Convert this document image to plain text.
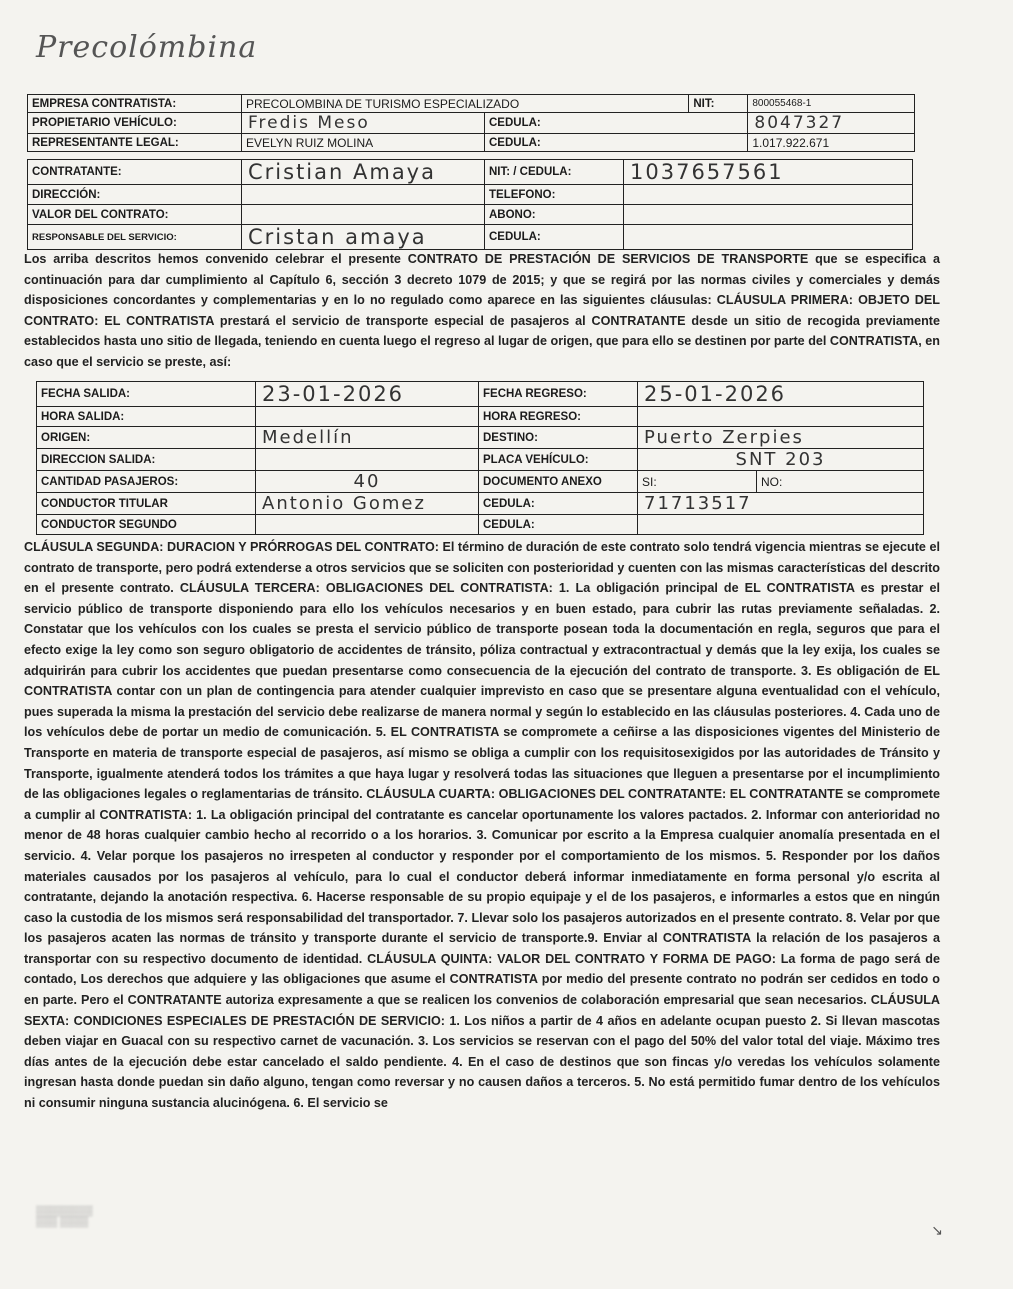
Precolómbina
EMPRESA CONTRATISTA:	PRECOLOMBINA DE TURISMO ESPECIALIZADO		NIT:	800055468-1
PROPIETARIO VEHÍCULO:	Fredis Meso	CEDULA:		8047327
REPRESENTANTE LEGAL:	EVELYN RUIZ MOLINA	CEDULA:		1.017.922.671
CONTRATANTE:	Cristian Amaya	NIT: / CEDULA:	1037657561
DIRECCIÓN:		TELEFONO:	
VALOR DEL CONTRATO:		ABONO:	
RESPONSABLE DEL SERVICIO:	Cristan amaya	CEDULA:	
Los arriba descritos hemos convenido celebrar el presente CONTRATO DE PRESTACIÓN DE SERVICIOS DE TRANSPORTE que se especifica a continuación para dar cumplimiento al Capítulo 6, sección 3 decreto 1079 de 2015; y que se regirá por las normas civiles y comerciales y demás disposiciones concordantes y complementarias y en lo no regulado como aparece en las siguientes cláusulas: CLÁUSULA PRIMERA: OBJETO DEL CONTRATO: EL CONTRATISTA prestará el servicio de transporte especial de pasajeros al CONTRATANTE desde un sitio de recogida previamente establecidos hasta uno sitio de llegada, teniendo en cuenta luego el regreso al lugar de origen, que para ello se destinen por parte del CONTRATISTA, en caso que el servicio se preste, así:
FECHA SALIDA:	23-01-2026	FECHA REGRESO:	25-01-2026	
HORA SALIDA:		HORA REGRESO:		
ORIGEN:	Medellín	DESTINO:	Puerto Zerpies	
DIRECCION SALIDA:		PLACA VEHÍCULO:	SNT 203	
CANTIDAD PASAJEROS:	40	DOCUMENTO ANEXO	SI:	NO:
CONDUCTOR TITULAR	Antonio Gomez	CEDULA:	71713517	
CONDUCTOR SEGUNDO		CEDULA:		
CLÁUSULA SEGUNDA: DURACION Y PRÓRROGAS DEL CONTRATO: El término de duración de este contrato solo tendrá vigencia mientras se ejecute el contrato de transporte, pero podrá extenderse a otros servicios que se soliciten con posterioridad y cuenten con las mismas características del descrito en el presente contrato. CLÁUSULA TERCERA: OBLIGACIONES DEL CONTRATISTA: 1. La obligación principal de EL CONTRATISTA es prestar el servicio público de transporte disponiendo para ello los vehículos necesarios y en buen estado, para cubrir las rutas previamente señaladas. 2. Constatar que los vehículos con los cuales se presta el servicio público de transporte posean toda la documentación en regla, seguros que para el efecto exige la ley como son seguro obligatorio de accidentes de tránsito, póliza contractual y extracontractual y demás que la ley exija, los cuales se adquirirán para cubrir los accidentes que puedan presentarse como consecuencia de la ejecución del contrato de transporte. 3. Es obligación de EL CONTRATISTA contar con un plan de contingencia para atender cualquier imprevisto en caso que se presentare alguna eventualidad con el vehículo, pues superada la misma la prestación del servicio debe realizarse de manera normal y según lo establecido en las cláusulas posteriores. 4. Cada uno de los vehículos debe de portar un medio de comunicación. 5. EL CONTRATISTA se compromete a ceñirse a las disposiciones vigentes del Ministerio de Transporte en materia de transporte especial de pasajeros, así mismo se obliga a cumplir con los requisitosexigidos por las autoridades de Tránsito y Transporte, igualmente atenderá todos los trámites a que haya lugar y resolverá todas las situaciones que lleguen a presentarse por el incumplimiento de las obligaciones legales o reglamentarias de tránsito. CLÁUSULA CUARTA: OBLIGACIONES DEL CONTRATANTE: EL CONTRATANTE se compromete a cumplir al CONTRATISTA: 1. La obligación principal del contratante es cancelar oportunamente los valores pactados. 2. Informar con anterioridad no menor de 48 horas cualquier cambio hecho al recorrido o a los horarios. 3. Comunicar por escrito a la Empresa cualquier anomalía presentada en el servicio. 4. Velar porque los pasajeros no irrespeten al conductor y responder por el comportamiento de los mismos. 5. Responder por los daños materiales causados por los pasajeros al vehículo, para lo cual el conductor deberá informar inmediatamente en forma personal y/o escrita al contratante, dejando la anotación respectiva. 6. Hacerse responsable de su propio equipaje y el de los pasajeros, e informarles a estos que en ningún caso la custodia de los mismos será responsabilidad del transportador. 7. Llevar solo los pasajeros autorizados en el presente contrato. 8. Velar por que los pasajeros acaten las normas de tránsito y transporte durante el servicio de transporte.9. Enviar al CONTRATISTA la relación de los pasajeros a transportar con su respectivo documento de identidad. CLÁUSULA QUINTA: VALOR DEL CONTRATO Y FORMA DE PAGO: La forma de pago será de contado, Los derechos que adquiere y las obligaciones que asume el CONTRATISTA por medio del presente contrato no podrán ser cedidos en todo o en parte. Pero el CONTRATANTE autoriza expresamente a que se realicen los convenios de colaboración empresarial que sean necesarios. CLÁUSULA SEXTA: CONDICIONES ESPECIALES DE PRESTACIÓN DE SERVICIO: 1. Los niños a partir de 4 años en adelante ocupan puesto 2. Si llevan mascotas deben viajar en Guacal con su respectivo carnet de vacunación. 3. Los servicios se reservan con el pago del 50% del valor total del viaje. Máximo tres días antes de la ejecución debe estar cancelado el saldo pendiente. 4. En el caso de destinos que son fincas y/o veredas los vehículos solamente ingresan hasta donde puedan sin daño alguno, tengan como reversar y no causen daños a terceros. 5. No está permitido fumar dentro de los vehículos ni consumir ninguna sustancia alucinógena. 6. El servicio se
▒▒▒▒▒▒▒▒
▒▒▒ ▒▒▒▒	↘
